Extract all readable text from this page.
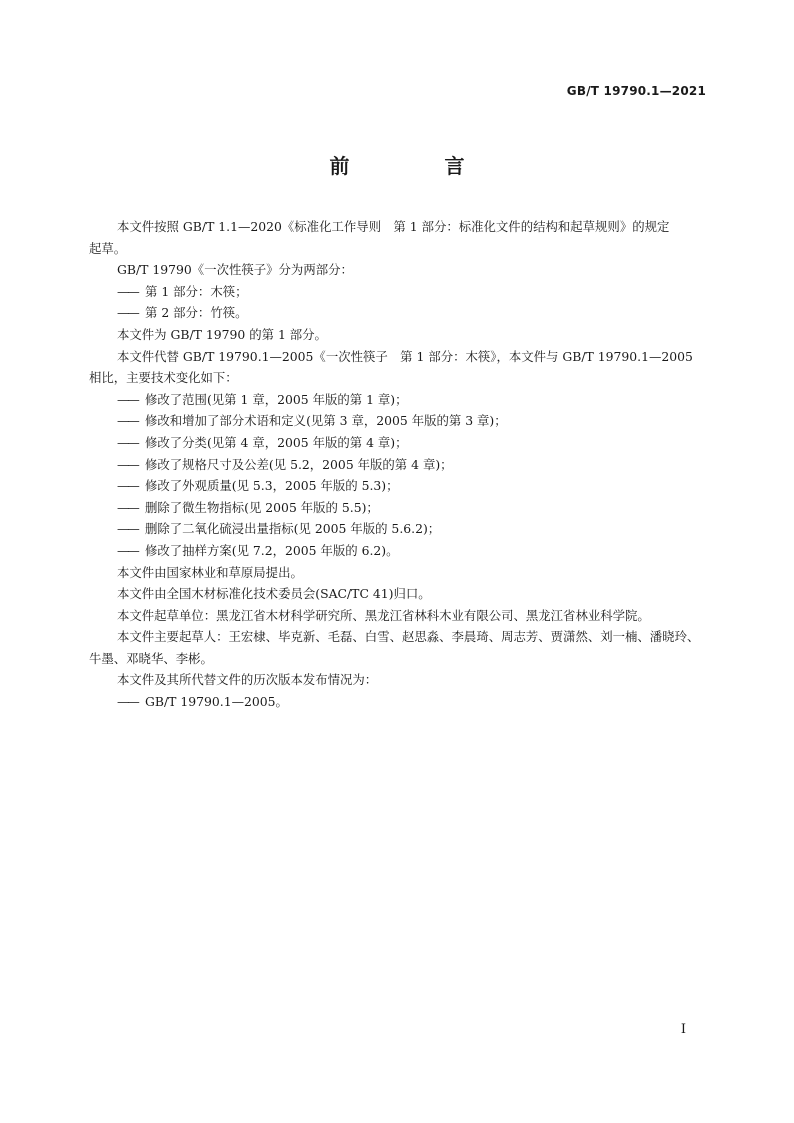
GB/T 19790.1—2021
前 言

本文件按照 GB/T 1.1—2020《标准化工作导则　第 1 部分：标准化文件的结构和起草规则》的规定

起草。

GB/T 19790《一次性筷子》分为两部分：

—— 第 1 部分：木筷；

—— 第 2 部分：竹筷。

本文件为 GB/T 19790 的第 1 部分。

本文件代替 GB/T 19790.1—2005《一次性筷子　第 1 部分：木筷》，本文件与 GB/T 19790.1—2005

相比，主要技术变化如下：

—— 修改了范围(见第 1 章，2005 年版的第 1 章)；

—— 修改和增加了部分术语和定义(见第 3 章，2005 年版的第 3 章)；

—— 修改了分类(见第 4 章，2005 年版的第 4 章)；

—— 修改了规格尺寸及公差(见 5.2，2005 年版的第 4 章)；

—— 修改了外观质量(见 5.3，2005 年版的 5.3)；

—— 删除了微生物指标(见 2005 年版的 5.5)；

—— 删除了二氧化硫浸出量指标(见 2005 年版的 5.6.2)；

—— 修改了抽样方案(见 7.2，2005 年版的 6.2)。

本文件由国家林业和草原局提出。

本文件由全国木材标准化技术委员会(SAC/TC 41)归口。

本文件起草单位：黑龙江省木材科学研究所、黑龙江省林科木业有限公司、黑龙江省林业科学院。

本文件主要起草人：王宏棣、毕克新、毛磊、白雪、赵思淼、李晨琦、周志芳、贾潇然、刘一楠、潘晓玲、

牛墨、邓晓华、李彬。

本文件及其所代替文件的历次版本发布情况为：

—— GB/T 19790.1—2005。

I
